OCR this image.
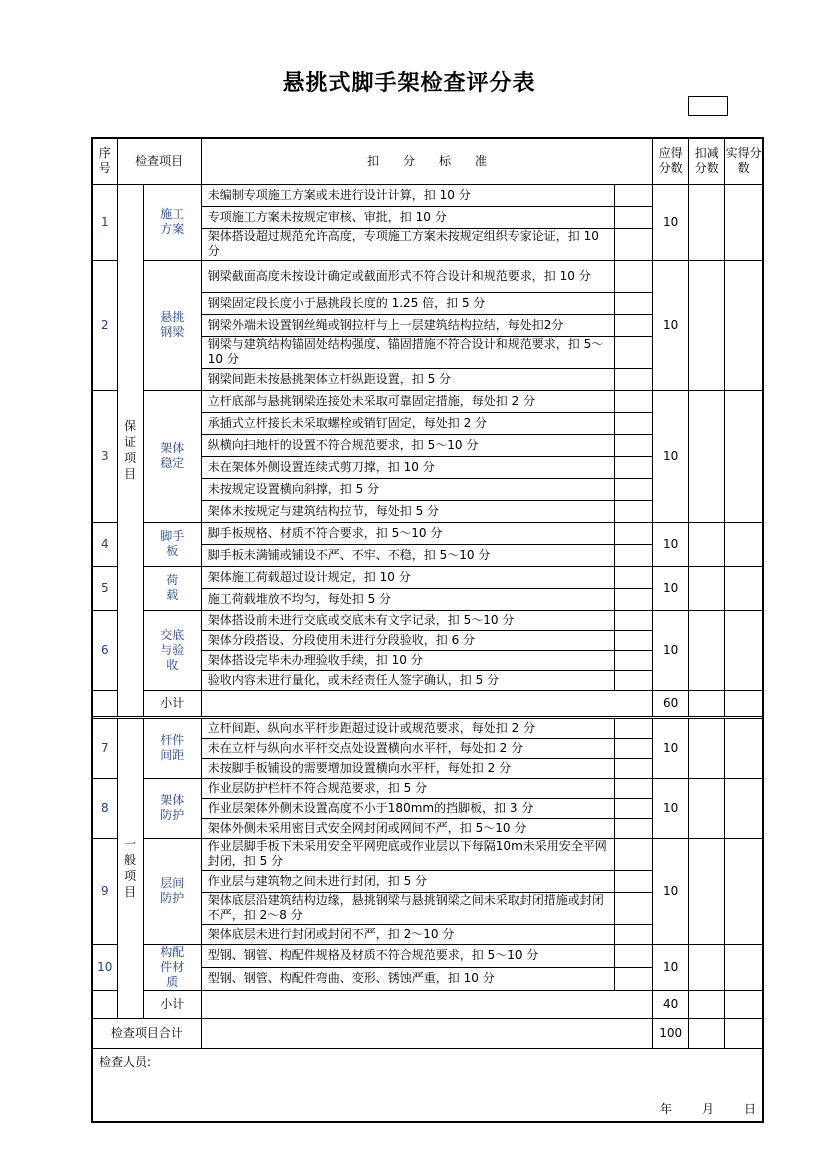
悬挑式脚手架检查评分表
序号	检查项目		扣　　分　　标　　准		应得分数	扣减分数	实得分数
1	保证项目	施工方案	未编制专项施工方案或未进行设计计算，扣 10 分		10		
			专项施工方案未按规定审核、审批，扣 10 分				
			架体搭设超过规范允许高度，专项施工方案未按规定组织专家论证，扣 10 分				
2		悬挑钢梁	钢梁截面高度未按设计确定或截面形式不符合设计和规范要求，扣 10 分		10		
			钢梁固定段长度小于悬挑段长度的 1.25 倍，扣 5 分				
			钢梁外端未设置钢丝绳或钢拉杆与上一层建筑结构拉结，每处扣2分				
			钢梁与建筑结构锚固处结构强度、锚固措施不符合设计和规范要求，扣 5～10 分				
			钢梁间距未按悬挑架体立杆纵距设置，扣 5 分				
3		架体稳定	立杆底部与悬挑钢梁连接处未采取可靠固定措施，每处扣 2 分		10		
			承插式立杆接长未采取螺栓或销钉固定，每处扣 2 分				
			纵横向扫地杆的设置不符合规范要求，扣 5～10 分				
			未在架体外侧设置连续式剪刀撑，扣 10 分				
			未按规定设置横向斜撑，扣 5 分				
			架体未按规定与建筑结构拉节，每处扣 5 分				
4		脚手板	脚手板规格、材质不符合要求，扣 5～10 分		10		
			脚手板未满铺或铺设不严、不牢、不稳，扣 5～10 分				
5		荷　载	架体施工荷载超过设计规定，扣 10 分		10		
			施工荷载堆放不均匀，每处扣 5 分				
6		交底与验　收	架体搭设前未进行交底或交底未有文字记录，扣 5～10 分		10		
			架体分段搭设、分段使用未进行分段验收，扣 6 分				
			架体搭设完毕未办理验收手续，扣 10 分				
			验收内容未进行量化，或未经责任人签字确认，扣 5 分				
		小计			60		

7	一般项目	杆件间距	立杆间距、纵向水平杆步距超过设计或规范要求，每处扣 2 分		10		
			未在立杆与纵向水平杆交点处设置横向水平杆，每处扣 2 分				
			未按脚手板铺设的需要增加设置横向水平杆，每处扣 2 分				
8		架体防护	作业层防护栏杆不符合规范要求，扣 5 分		10		
			作业层架体外侧未设置高度不小于180mm的挡脚板，扣 3 分				
			架体外侧未采用密目式安全网封闭或网间不严，扣 5～10 分				
9		层间防护	作业层脚手板下未采用安全平网兜底或作业层以下每隔10m未采用安全平网封闭，扣 5 分		10		
			作业层与建筑物之间未进行封闭，扣 5 分				
			架体底层沿建筑结构边缘，悬挑钢梁与悬挑钢梁之间未采取封闭措施或封闭不严，扣 2～8 分				
			架体底层未进行封闭或封闭不严，扣 2～10 分				
10		构配件材质	型钢、钢管、构配件规格及材质不符合规范要求，扣 5～10 分		10		
			型钢、钢管、构配件弯曲、变形、锈蚀严重，扣 10 分				
		小计			40		
检查项目合计					100		

检查人员:
年 月 日							
